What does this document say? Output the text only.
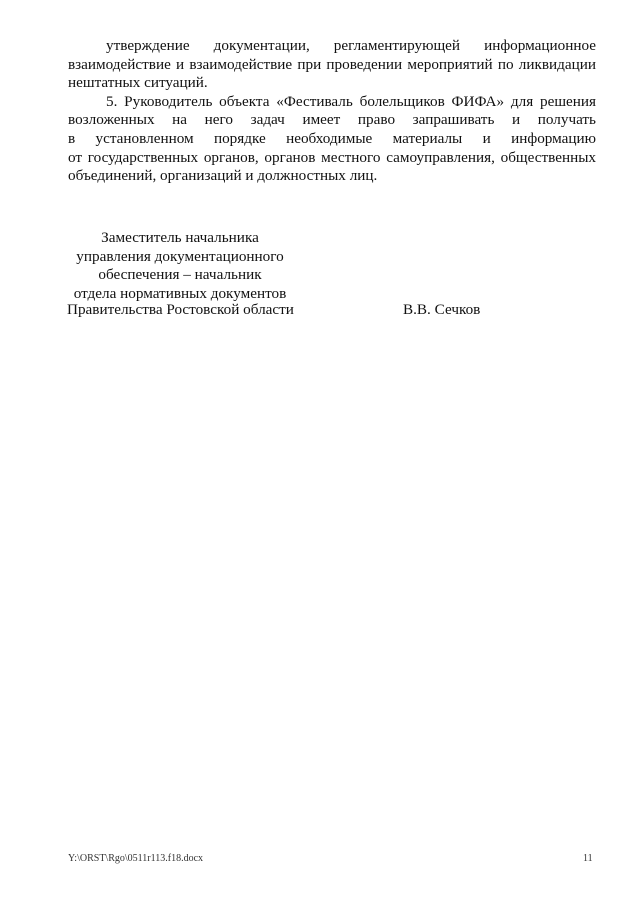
утверждение документации, регламентирующей информационное
взаимодействие и взаимодействие при проведении мероприятий по ликвидации
нештатных ситуаций.
5. Руководитель объекта «Фестиваль болельщиков ФИФА» для решения
возложенных на него задач имеет право запрашивать и получать
в установленном порядке необходимые материалы и информацию
от государственных органов, органов местного самоуправления, общественных
объединений, организаций и должностных лиц.
Заместитель начальника
управления документационного
обеспечения – начальник
отдела нормативных документов
Правительства Ростовской области	В.В. Сечков
Y:\ORST\Rgo\0511r113.f18.docx	11
